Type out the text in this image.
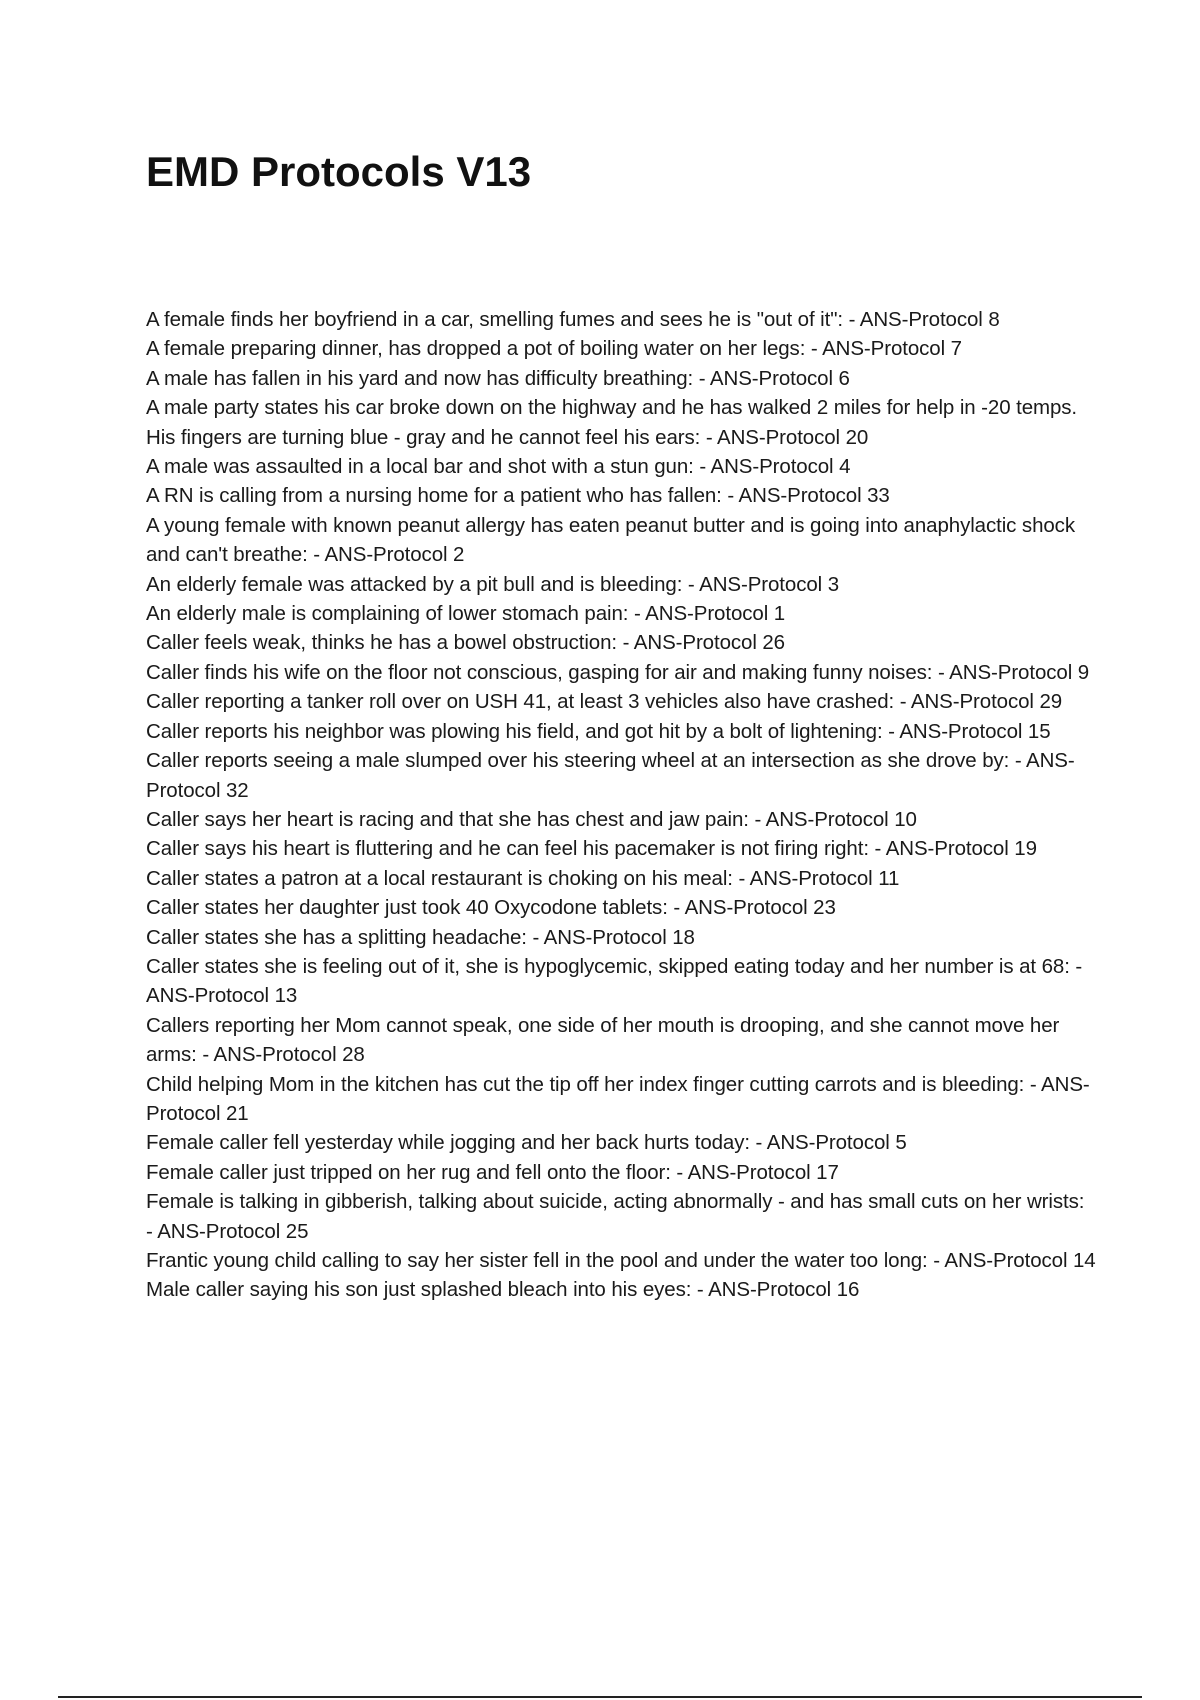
EMD Protocols V13
A female finds her boyfriend in a car, smelling fumes and sees he is "out of it": - ANS-Protocol 8
A female preparing dinner, has dropped a pot of boiling water on her legs: - ANS-Protocol 7
A male has fallen in his yard and now has difficulty breathing: - ANS-Protocol 6
A male party states his car broke down on the highway and he has walked 2 miles for help in -20 temps. His fingers are turning blue - gray and he cannot feel his ears: - ANS-Protocol 20
A male was assaulted in a local bar and shot with a stun gun: - ANS-Protocol 4
A RN is calling from a nursing home for a patient who has fallen: - ANS-Protocol 33
A young female with known peanut allergy has eaten peanut butter and is going into anaphylactic shock and can't breathe: - ANS-Protocol 2
An elderly female was attacked by a pit bull and is bleeding: - ANS-Protocol 3
An elderly male is complaining of lower stomach pain: - ANS-Protocol 1
Caller feels weak, thinks he has a bowel obstruction: - ANS-Protocol 26
Caller finds his wife on the floor not conscious, gasping for air and making funny noises: - ANS-Protocol 9
Caller reporting a tanker roll over on USH 41, at least 3 vehicles also have crashed: - ANS-Protocol 29
Caller reports his neighbor was plowing his field, and got hit by a bolt of lightening: - ANS-Protocol 15
Caller reports seeing a male slumped over his steering wheel at an intersection as she drove by: - ANS-Protocol 32
Caller says her heart is racing and that she has chest and jaw pain: - ANS-Protocol 10
Caller says his heart is fluttering and he can feel his pacemaker is not firing right: - ANS-Protocol 19
Caller states a patron at a local restaurant is choking on his meal: - ANS-Protocol 11
Caller states her daughter just took 40 Oxycodone tablets: - ANS-Protocol 23
Caller states she has a splitting headache: - ANS-Protocol 18
Caller states she is feeling out of it, she is hypoglycemic, skipped eating today and her number is at 68: - ANS-Protocol 13
Callers reporting her Mom cannot speak, one side of her mouth is drooping, and she cannot move her arms: - ANS-Protocol 28
Child helping Mom in the kitchen has cut the tip off her index finger cutting carrots and is bleeding: - ANS-Protocol 21
Female caller fell yesterday while jogging and her back hurts today: - ANS-Protocol 5
Female caller just tripped on her rug and fell onto the floor: - ANS-Protocol 17
Female is talking in gibberish, talking about suicide, acting abnormally - and has small cuts on her wrists: - ANS-Protocol 25
Frantic young child calling to say her sister fell in the pool and under the water too long: - ANS-Protocol 14
Male caller saying his son just splashed bleach into his eyes: - ANS-Protocol 16
